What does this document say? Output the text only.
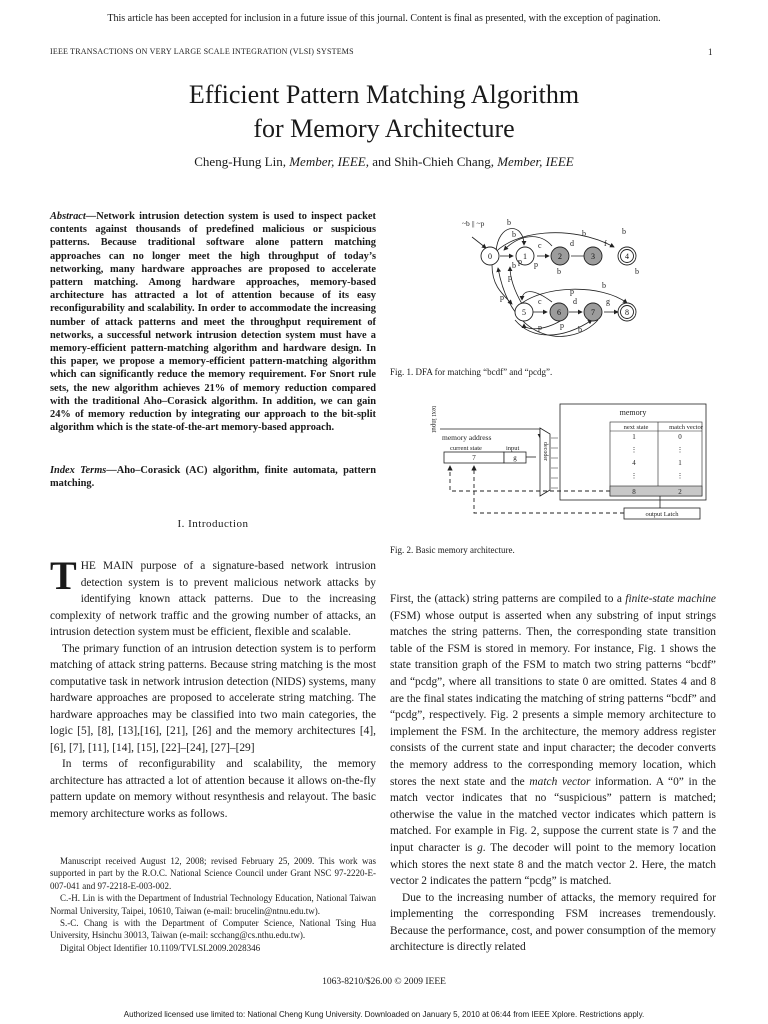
This article has been accepted for inclusion in a future issue of this journal. Content is final as presented, with the exception of pagination.
IEEE TRANSACTIONS ON VERY LARGE SCALE INTEGRATION (VLSI) SYSTEMS	1
Efficient Pattern Matching Algorithm
for Memory Architecture
Cheng-Hung Lin, Member, IEEE, and Shih-Chieh Chang, Member, IEEE
Abstract—Network intrusion detection system is used to inspect packet contents against thousands of predefined malicious or suspicious patterns. Because traditional software alone pattern matching approaches can no longer meet the high throughput of today’s networking, many hardware approaches are proposed to accelerate pattern matching. Among hardware approaches, memory-based architecture has attracted a lot of attention because of its easy reconfigurability and scalability. In order to accommodate the increasing number of attack patterns and meet the throughput requirement of networks, a successful network intrusion detection system must have a memory-efficient pattern-matching algorithm and hardware design. In this paper, we propose a memory-efficient pattern-matching algorithm which can significantly reduce the memory requirement. For Snort rule sets, the new algorithm achieves 21% of memory reduction compared with the traditional Aho–Corasick algorithm. In addition, we can gain 24% of memory reduction by integrating our approach to the bit-split algorithm which is the state-of-the-art memory-based approach.
Index Terms—Aho–Corasick (AC) algorithm, finite automata, pattern matching.
I. Introduction

THE MAIN purpose of a signature-based network intrusion detection system is to prevent malicious network attacks by identifying known attack patterns. Due to the increasing complexity of network traffic and the growing number of attacks, an intrusion detection system must be efficient, flexible and scalable.

The primary function of an intrusion detection system is to perform matching of attack string patterns. Because string matching is the most computative task in network intrusion detection (NIDS) systems, many hardware approaches are proposed to accelerate string matching. The hardware approaches may be classified into two main categories, the logic [5], [8], [13],[16], [21], [26] and the memory architectures [4], [6], [7], [11], [14], [15], [22]–[24], [27]–[29]

In terms of reconfigurability and scalability, the memory architecture has attracted a lot of attention because it allows on-the-fly pattern update on memory without resynthesis and relayout. The basic memory architecture works as follows.

Manuscript received August 12, 2008; revised February 25, 2009. This work was supported in part by the R.O.C. National Science Council under Grant NSC 97-2220-E-007-041 and 97-2218-E-003-002.

C.-H. Lin is with the Department of Industrial Technology Education, National Taiwan Normal University, Taipei, 10610, Taiwan (e-mail: brucelin@ntnu.edu.tw).

S.-C. Chang is with the Department of Computer Science, National Tsing Hua University, Hsinchu 30013, Taiwan (e-mail: scchang@cs.nthu.edu.tw).

Digital Object Identifier 10.1109/TVLSI.2009.2028346

0	1	2	3	4
5	6	7	8
b
b
c	d	f
b
b p p
p
b
p	c	d	g
p
p
p	b
b
b
b
~b || ~p
Fig. 1. DFA for matching “bcdf” and “pcdg”.
text input
memory address
current state	input
7	g	decoder
memory
next state	match vector
1	0
⋮	⋮
4	1
⋮	⋮
8	2
output Latch
Fig. 2. Basic memory architecture.

First, the (attack) string patterns are compiled to a finite-state machine (FSM) whose output is asserted when any substring of input strings matches the string patterns. Then, the corresponding state transition table of the FSM is stored in memory. For instance, Fig. 1 shows the state transition graph of the FSM to match two string patterns “bcdf” and “pcdg”, where all transitions to state 0 are omitted. States 4 and 8 are the final states indicating the matching of string patterns “bcdf” and “pcdg”, respectively. Fig. 2 presents a simple memory architecture to implement the FSM. In the architecture, the memory address register consists of the current state and input character; the decoder converts the memory address to the corresponding memory location, which stores the next state and the match vector information. A “0” in the match vector indicates that no “suspicious” pattern is matched; otherwise the value in the matched vector indicates which pattern is matched. For example in Fig. 2, suppose the current state is 7 and the input character is g. The decoder will point to the memory location which stores the next state 8 and the match vector 2. Here, the match vector 2 indicates the pattern “pcdg” is matched.

Due to the increasing number of attacks, the memory required for implementing the corresponding FSM increases tremendously. Because the performance, cost, and power consumption of the memory architecture is directly related

1063-8210/$26.00 © 2009 IEEE
Authorized licensed use limited to: National Cheng Kung University. Downloaded on January 5, 2010 at 06:44 from IEEE Xplore. Restrictions apply.
